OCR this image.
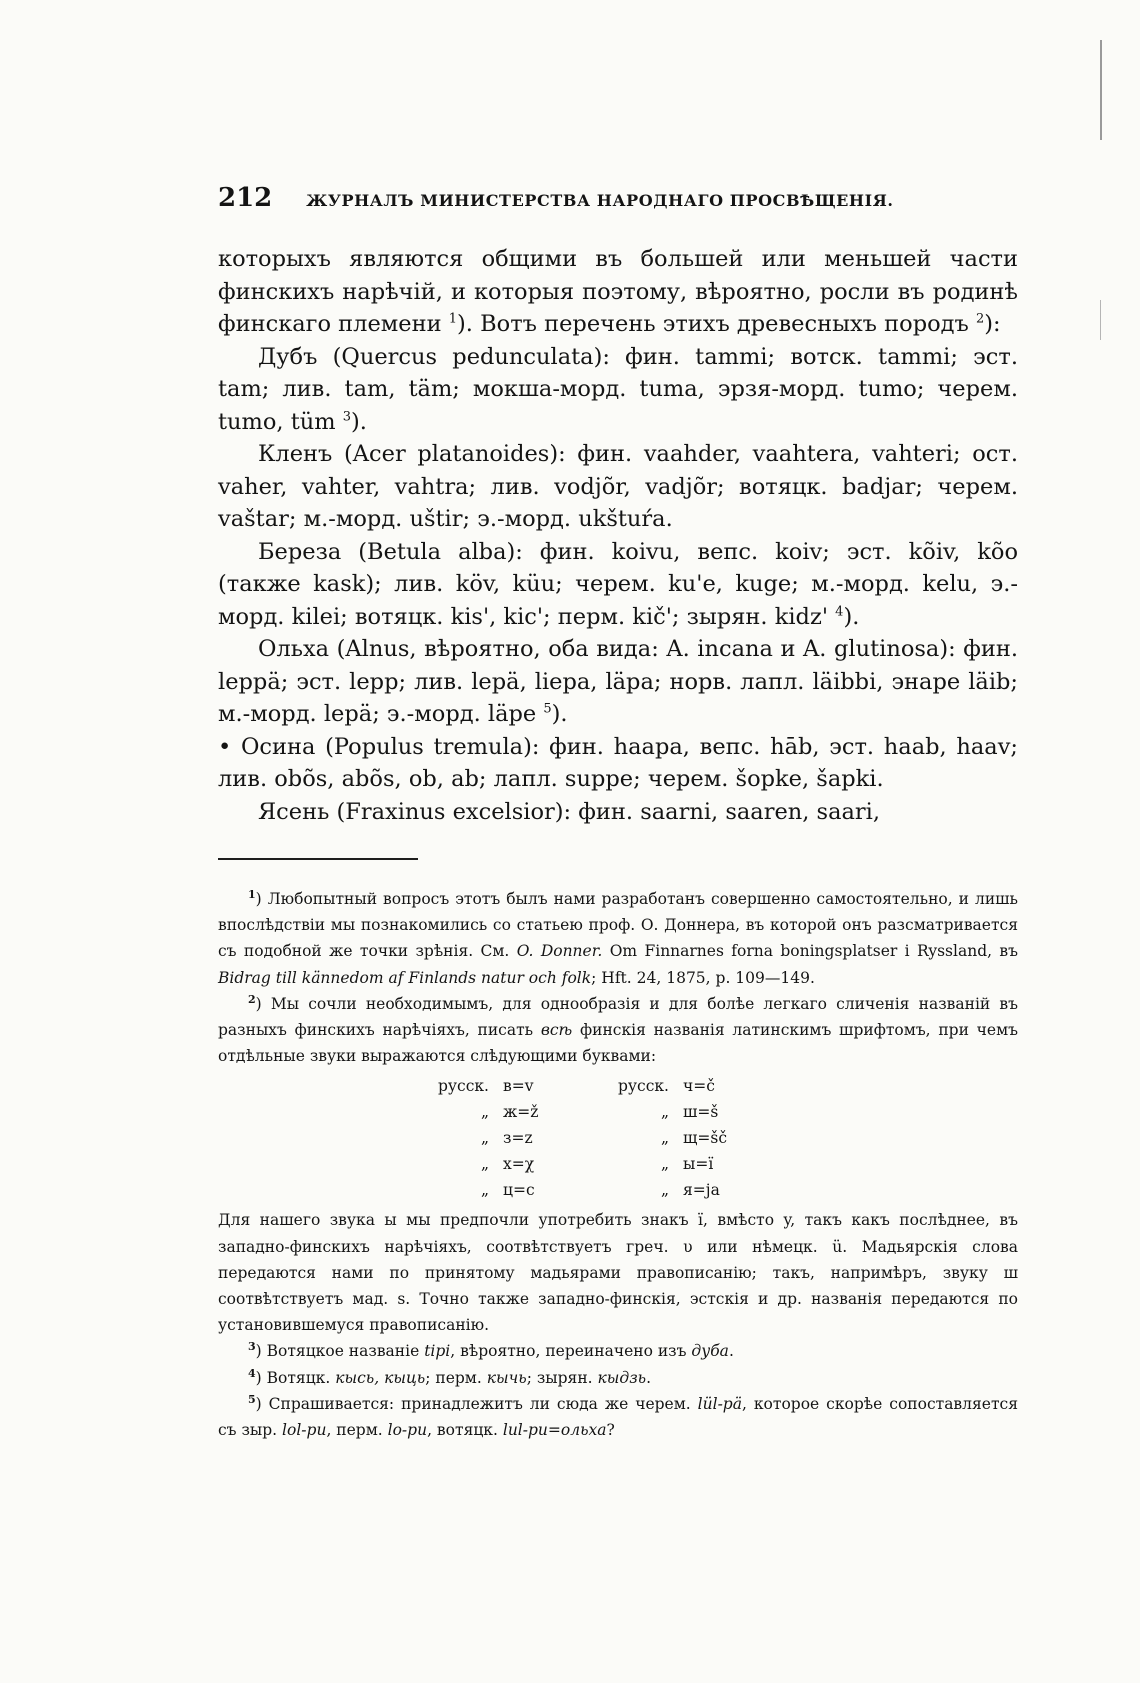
212 ЖУРНАЛЪ МИНИСТЕРСТВА НАРОДНАГО ПРОСВѢЩЕНІЯ.

которыхъ являются общими въ большей или меньшей части финскихъ нарѣчій, и которыя поэтому, вѣроятно, росли въ родинѣ финскаго племени $^1$). Вотъ перечень этихъ древесныхъ породъ $^2$):

Дубъ (Quercus pedunculata): фин. tammi; вотск. tammi; эст. tam; лив. tam, täm; мокша-морд. tuma, эрзя-морд. tumo; черем. tumo, tüm $^3$).

Кленъ (Acer platanoides): фин. vaahder, vaahtera, vahteri; ост. vaher, vahter, vahtra; лив. vodjõr, vadjõr; вотяцк. badjar; черем. vaštar; м.-морд. uštir; э.-морд. ukštuŕa.

Береза (Betula alba): фин. koivu, вепс. koiv; эст. kõiv, kõo (также kask); лив. köv, küu; черем. ku'e, kuge; м.-морд. kelu, э.-морд. kilei; вотяцк. kis', kic'; перм. kič'; зырян. kidz' $^4$).

Ольха (Alnus, вѣроятно, оба вида: A. incana и A. glutinosa): фин. leppä; эст. lepp; лив. lepä, liepa, läpa; норв. лапл. läibbi, энаре läib; м.-морд. lepä; э.-морд. läpe $^5$).

• Осина (Populus tremula): фин. haapa, вепс. hāb, эст. haab, haav; лив. obõs, abõs, ob, ab; лапл. suppe; черем. šopke, šapki.

Ясень (Fraxinus excelsior): фин. saarni, saaren, saari,

$^1$) Любопытный вопросъ этотъ былъ нами разработанъ совершенно самостоятельно, и лишь впослѣдствіи мы познакомились со статьею проф. О. Доннера, въ которой онъ разсматривается съ подобной же точки зрѣнія. См. O. Donner. Om Finnarnes forna boningsplatser i Ryssland, въ Bidrag till kännedom af Finlands natur och folk; Hft. 24, 1875, p. 109—149.

$^2$) Мы сочли необходимымъ, для однообразія и для болѣе легкаго сличенія названій въ разныхъ финскихъ нарѣчіяхъ, писать всѣ финскія названія латинскимъ шрифтомъ, при чемъ отдѣльные звуки выражаются слѣдующими буквами:

русск. в=v	русск. ч=č
„ ж=ž	„ ш=š
„ з=z	„ щ=šč
„ х=χ	„ ы=ï
„ ц=c	„ я=ja

Для нашего звука ы мы предпочли употребить знакъ ï, вмѣсто y, такъ какъ послѣднее, въ западно-финскихъ нарѣчіяхъ, соотвѣтствуетъ греч. υ или нѣмецк. ü. Мадьярскія слова передаются нами по принятому мадьярами правописанію; такъ, напримѣръ, звуку ш соотвѣтствуетъ мад. s. Точно также западно-финскія, эстскія и др. названія передаются по установившемуся правописанію.

$^3$) Вотяцкое названіе tipi, вѣроятно, переиначено изъ дуба.

$^4$) Вотяцк. кысь, кыць; перм. кычь; зырян. кыдзь.

$^5$) Спрашивается: принадлежитъ ли сюда же черем. lül-pä, которое скорѣе сопоставляется съ зыр. lol-pu, перм. lo-pu, вотяцк. lul-pu=ольха?
